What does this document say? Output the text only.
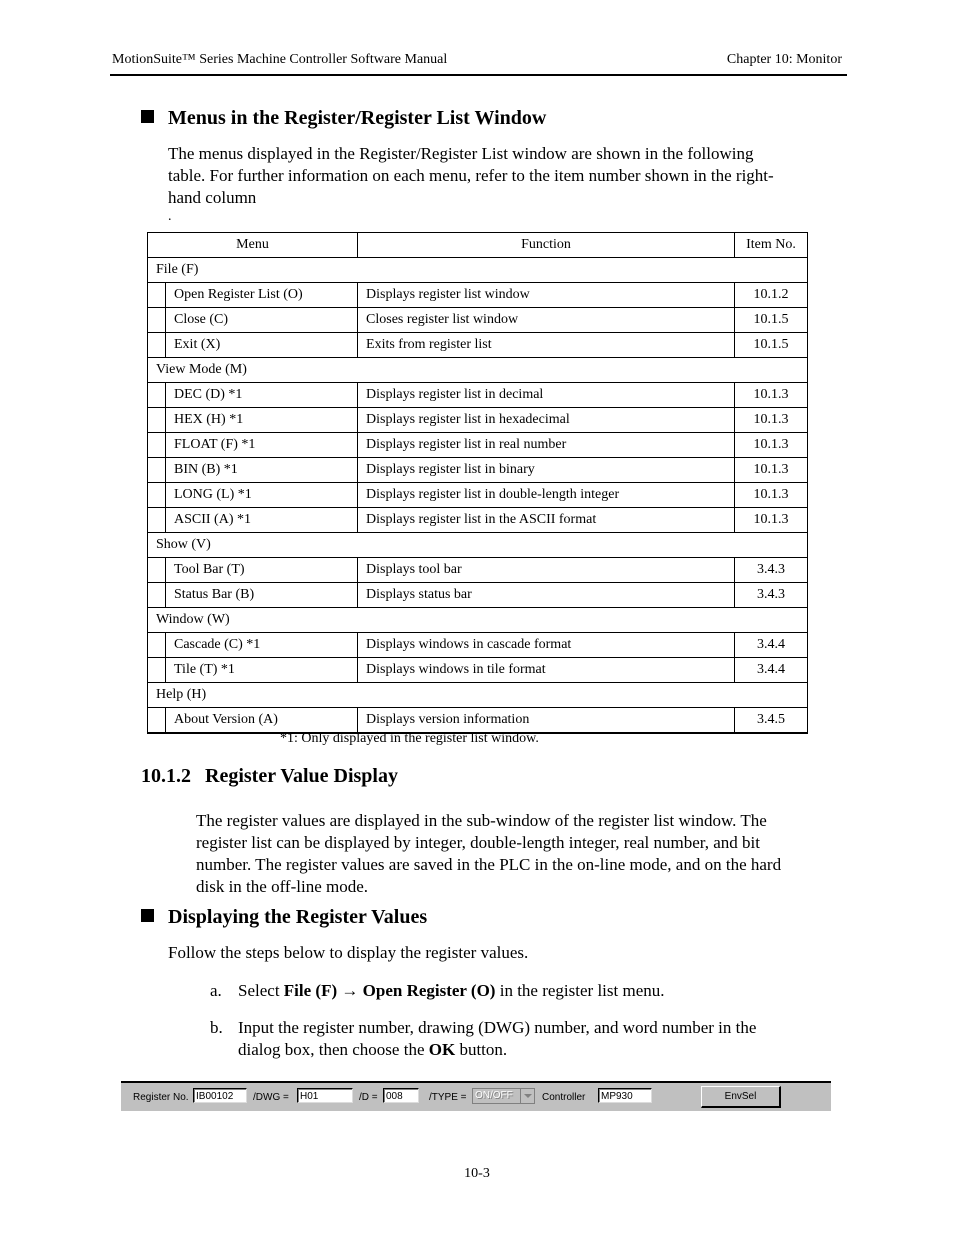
MotionSuite™ Series Machine Controller Software Manual	Chapter 10: Monitor
Menus in the Register/Register List Window
The menus displayed in the Register/Register List window are shown in the following
table. For further information on each menu, refer to the item number shown in the right-
hand column
.
Menu		Function	Item No.
File (F)			
	Open Register List (O)	Displays register list window	10.1.2
	Close (C)	Closes register list window	10.1.5
	Exit (X)	Exits from register list	10.1.5
View Mode (M)			
	DEC (D) *1	Displays register list in decimal	10.1.3
	HEX (H) *1	Displays register list in hexadecimal	10.1.3
	FLOAT (F) *1	Displays register list in real number	10.1.3
	BIN (B) *1	Displays register list in binary	10.1.3
	LONG (L) *1	Displays register list in double-length integer	10.1.3
	ASCII (A) *1	Displays register list in the ASCII format	10.1.3
Show (V)			
	Tool Bar (T)	Displays tool bar	3.4.3
	Status Bar (B)	Displays status bar	3.4.3
Window (W)			
	Cascade (C) *1	Displays windows in cascade format	3.4.4
	Tile (T) *1	Displays windows in tile format	3.4.4
Help (H)			
	About Version (A)	Displays version information	3.4.5
*1: Only displayed in the register list window.
10.1.2 Register Value Display
The register values are displayed in the sub-window of the register list window. The
register list can be displayed by integer, double-length integer, real number, and bit
number. The register values are saved in the PLC in the on-line mode, and on the hard
disk in the off-line mode.
Displaying the Register Values
Follow the steps below to display the register values.
a. Select File (F) → Open Register (O) in the register list menu.
b. Input the register number, drawing (DWG) number, and word number in the
dialog box, then choose the OK button.
Register No. IB00102	/DWG =	H01	/D = 008	/TYPE = ON/OFF	Controller	MP930	EnvSel
10-3
